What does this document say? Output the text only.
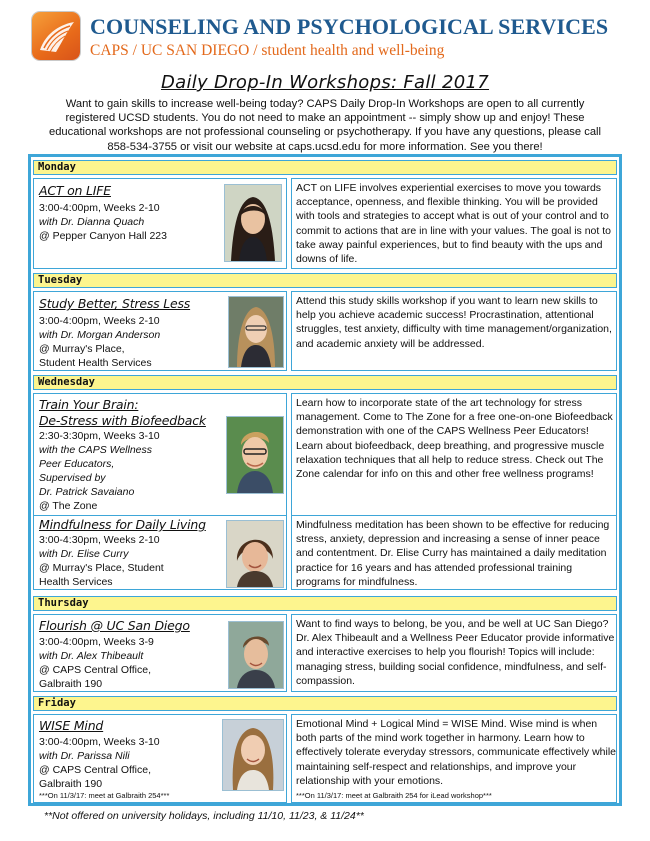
COUNSELING AND PSYCHOLOGICAL SERVICES
CAPS / UC SAN DIEGO / student health and well-being
Daily Drop-In Workshops: Fall 2017
Want to gain skills to increase well-being today? CAPS Daily Drop-In Workshops are open to all currently registered UCSD students. You do not need to make an appointment -- simply show up and enjoy! These educational workshops are not professional counseling or psychotherapy. If you have any questions, please call 858-534-3755 or visit our website at caps.ucsd.edu for more information. See you there!
Monday
ACT on LIFE
3:00-4:00pm, Weeks 2-10
with Dr. Dianna Quach
@ Pepper Canyon Hall 223
ACT on LIFE involves experiential exercises to move you towards acceptance, openness, and flexible thinking. You will be provided with tools and strategies to accept what is out of your control and to commit to actions that are in line with your values. The goal is not to take away painful experiences, but to find beauty with the ups and downs of life.
Tuesday
Study Better, Stress Less
3:00-4:00pm, Weeks 2-10
with Dr. Morgan Anderson
@ Murray's Place,
Student Health Services
Attend this study skills workshop if you want to learn new skills to help you achieve academic success! Procrastination, attentional struggles, test anxiety, difficulty with time management/organization, and academic anxiety will be addressed.
Wednesday
Train Your Brain:
De-Stress with Biofeedback
2:30-3:30pm, Weeks 3-10
with the CAPS Wellness
Peer Educators,
Supervised by
Dr. Patrick Savaiano
@ The Zone
Learn how to incorporate state of the art technology for stress management. Come to The Zone for a free one-on-one Biofeedback demonstration with one of the CAPS Wellness Peer Educators! Learn about biofeedback, deep breathing, and progressive muscle relaxation techniques that all help to reduce stress. Check out The Zone calendar for info on this and other free wellness programs!
Mindfulness for Daily Living
3:00-4:30pm, Weeks 2-10
with Dr. Elise Curry
@ Murray's Place, Student
Health Services
Mindfulness meditation has been shown to be effective for reducing stress, anxiety, depression and increasing a sense of inner peace and contentment. Dr. Elise Curry has maintained a daily meditation practice for 16 years and has attended professional training programs for mindfulness.
Thursday
Flourish @ UC San Diego
3:00-4:00pm, Weeks 3-9
with Dr. Alex Thibeault
@ CAPS Central Office,
Galbraith 190
Want to find ways to belong, be you, and be well at UC San Diego? Dr. Alex Thibeault and a Wellness Peer Educator provide informative and interactive exercises to help you flourish! Topics will include: managing stress, building social confidence, mindfulness, and self-compassion.
Friday
WISE Mind
3:00-4:00pm, Weeks 3-10
with Dr. Parissa Nili
@ CAPS Central Office,
Galbraith 190
***On 11/3/17: meet at Galbraith 254***
Emotional Mind + Logical Mind = WISE Mind. Wise mind is when both parts of the mind work together in harmony. Learn how to effectively tolerate everyday stressors, communicate effectively while maintaining self-respect and relationships, and improve your relationship with your emotions.
***On 11/3/17: meet at Galbraith 254 for iLead workshop***
**Not offered on university holidays, including 11/10, 11/23, & 11/24**
